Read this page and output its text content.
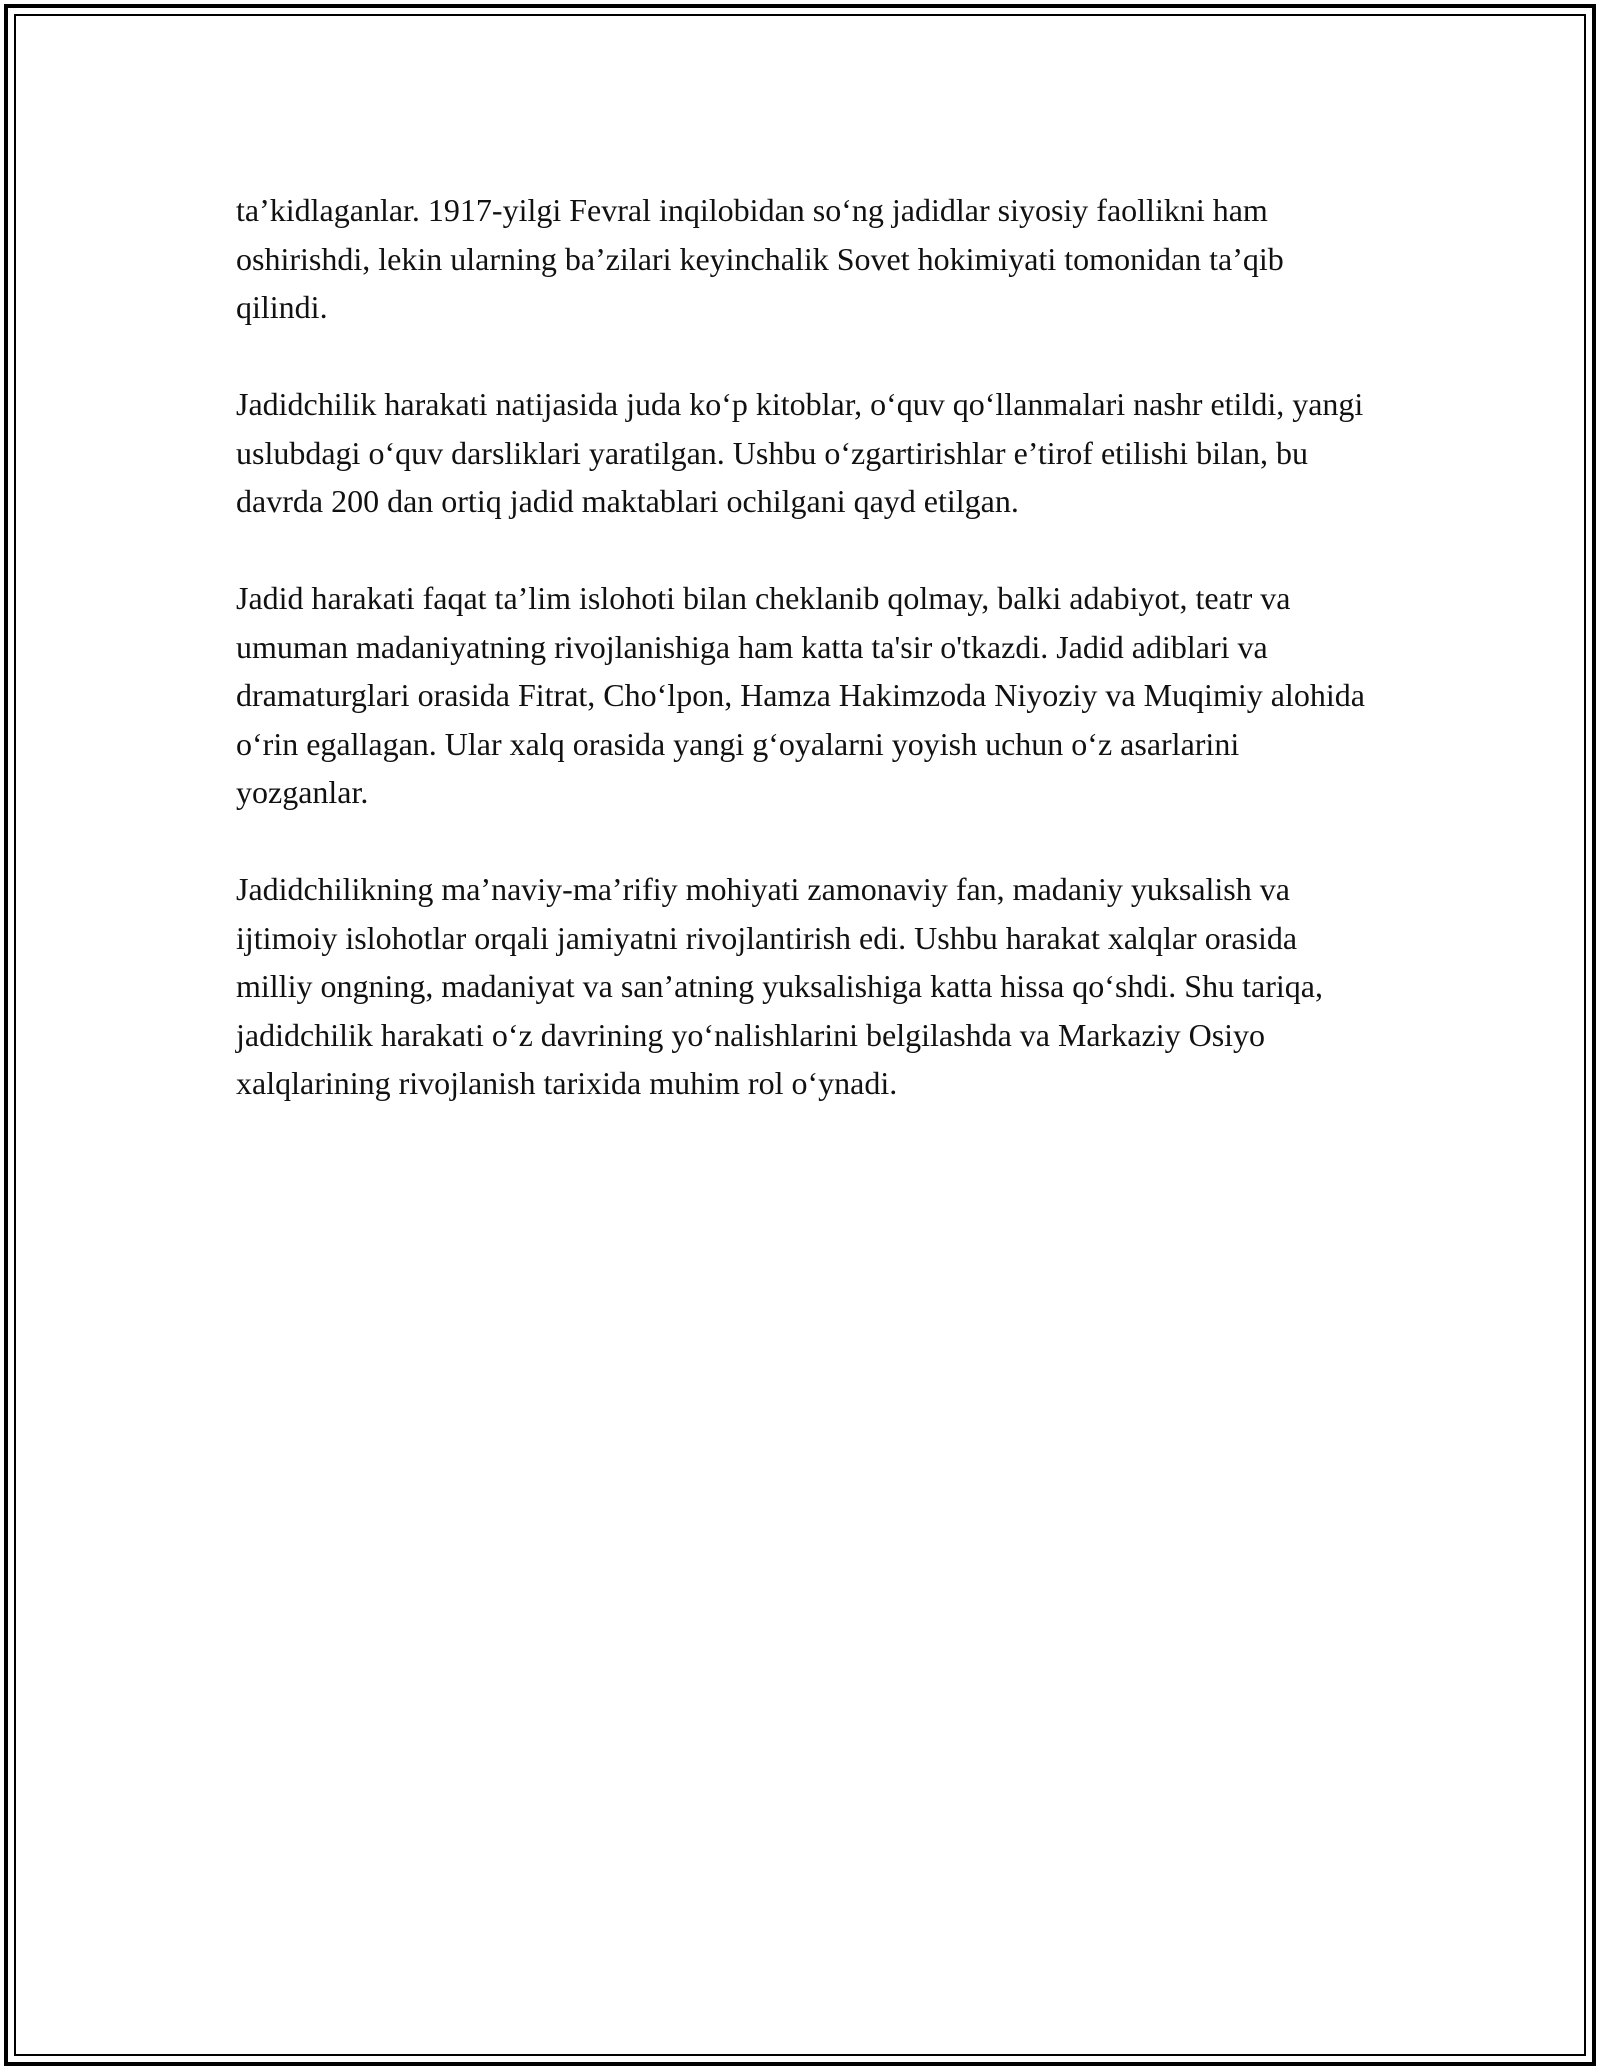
ta’kidlaganlar. 1917-yilgi Fevral inqilobidan so‘ng jadidlar siyosiy faollikni ham oshirishdi, lekin ularning ba’zilari keyinchalik Sovet hokimiyati tomonidan ta’qib qilindi.

Jadidchilik harakati natijasida juda ko‘p kitoblar, o‘quv qo‘llanmalari nashr etildi, yangi uslubdagi o‘quv darsliklari yaratilgan. Ushbu o‘zgartirishlar e’tirof etilishi bilan, bu davrda 200 dan ortiq jadid maktablari ochilgani qayd etilgan.

Jadid harakati faqat ta’lim islohoti bilan cheklanib qolmay, balki adabiyot, teatr va umuman madaniyatning rivojlanishiga ham katta ta'sir o'tkazdi. Jadid adiblari va dramaturglari orasida Fitrat, Cho‘lpon, Hamza Hakimzoda Niyoziy va Muqimiy alohida o‘rin egallagan. Ular xalq orasida yangi g‘oyalarni yoyish uchun o‘z asarlarini yozganlar.

Jadidchilikning ma’naviy-ma’rifiy mohiyati zamonaviy fan, madaniy yuksalish va ijtimoiy islohotlar orqali jamiyatni rivojlantirish edi. Ushbu harakat xalqlar orasida milliy ongning, madaniyat va san’atning yuksalishiga katta hissa qo‘shdi. Shu tariqa, jadidchilik harakati o‘z davrining yo‘nalishlarini belgilashda va Markaziy Osiyo xalqlarining rivojlanish tarixida muhim rol o‘ynadi.
